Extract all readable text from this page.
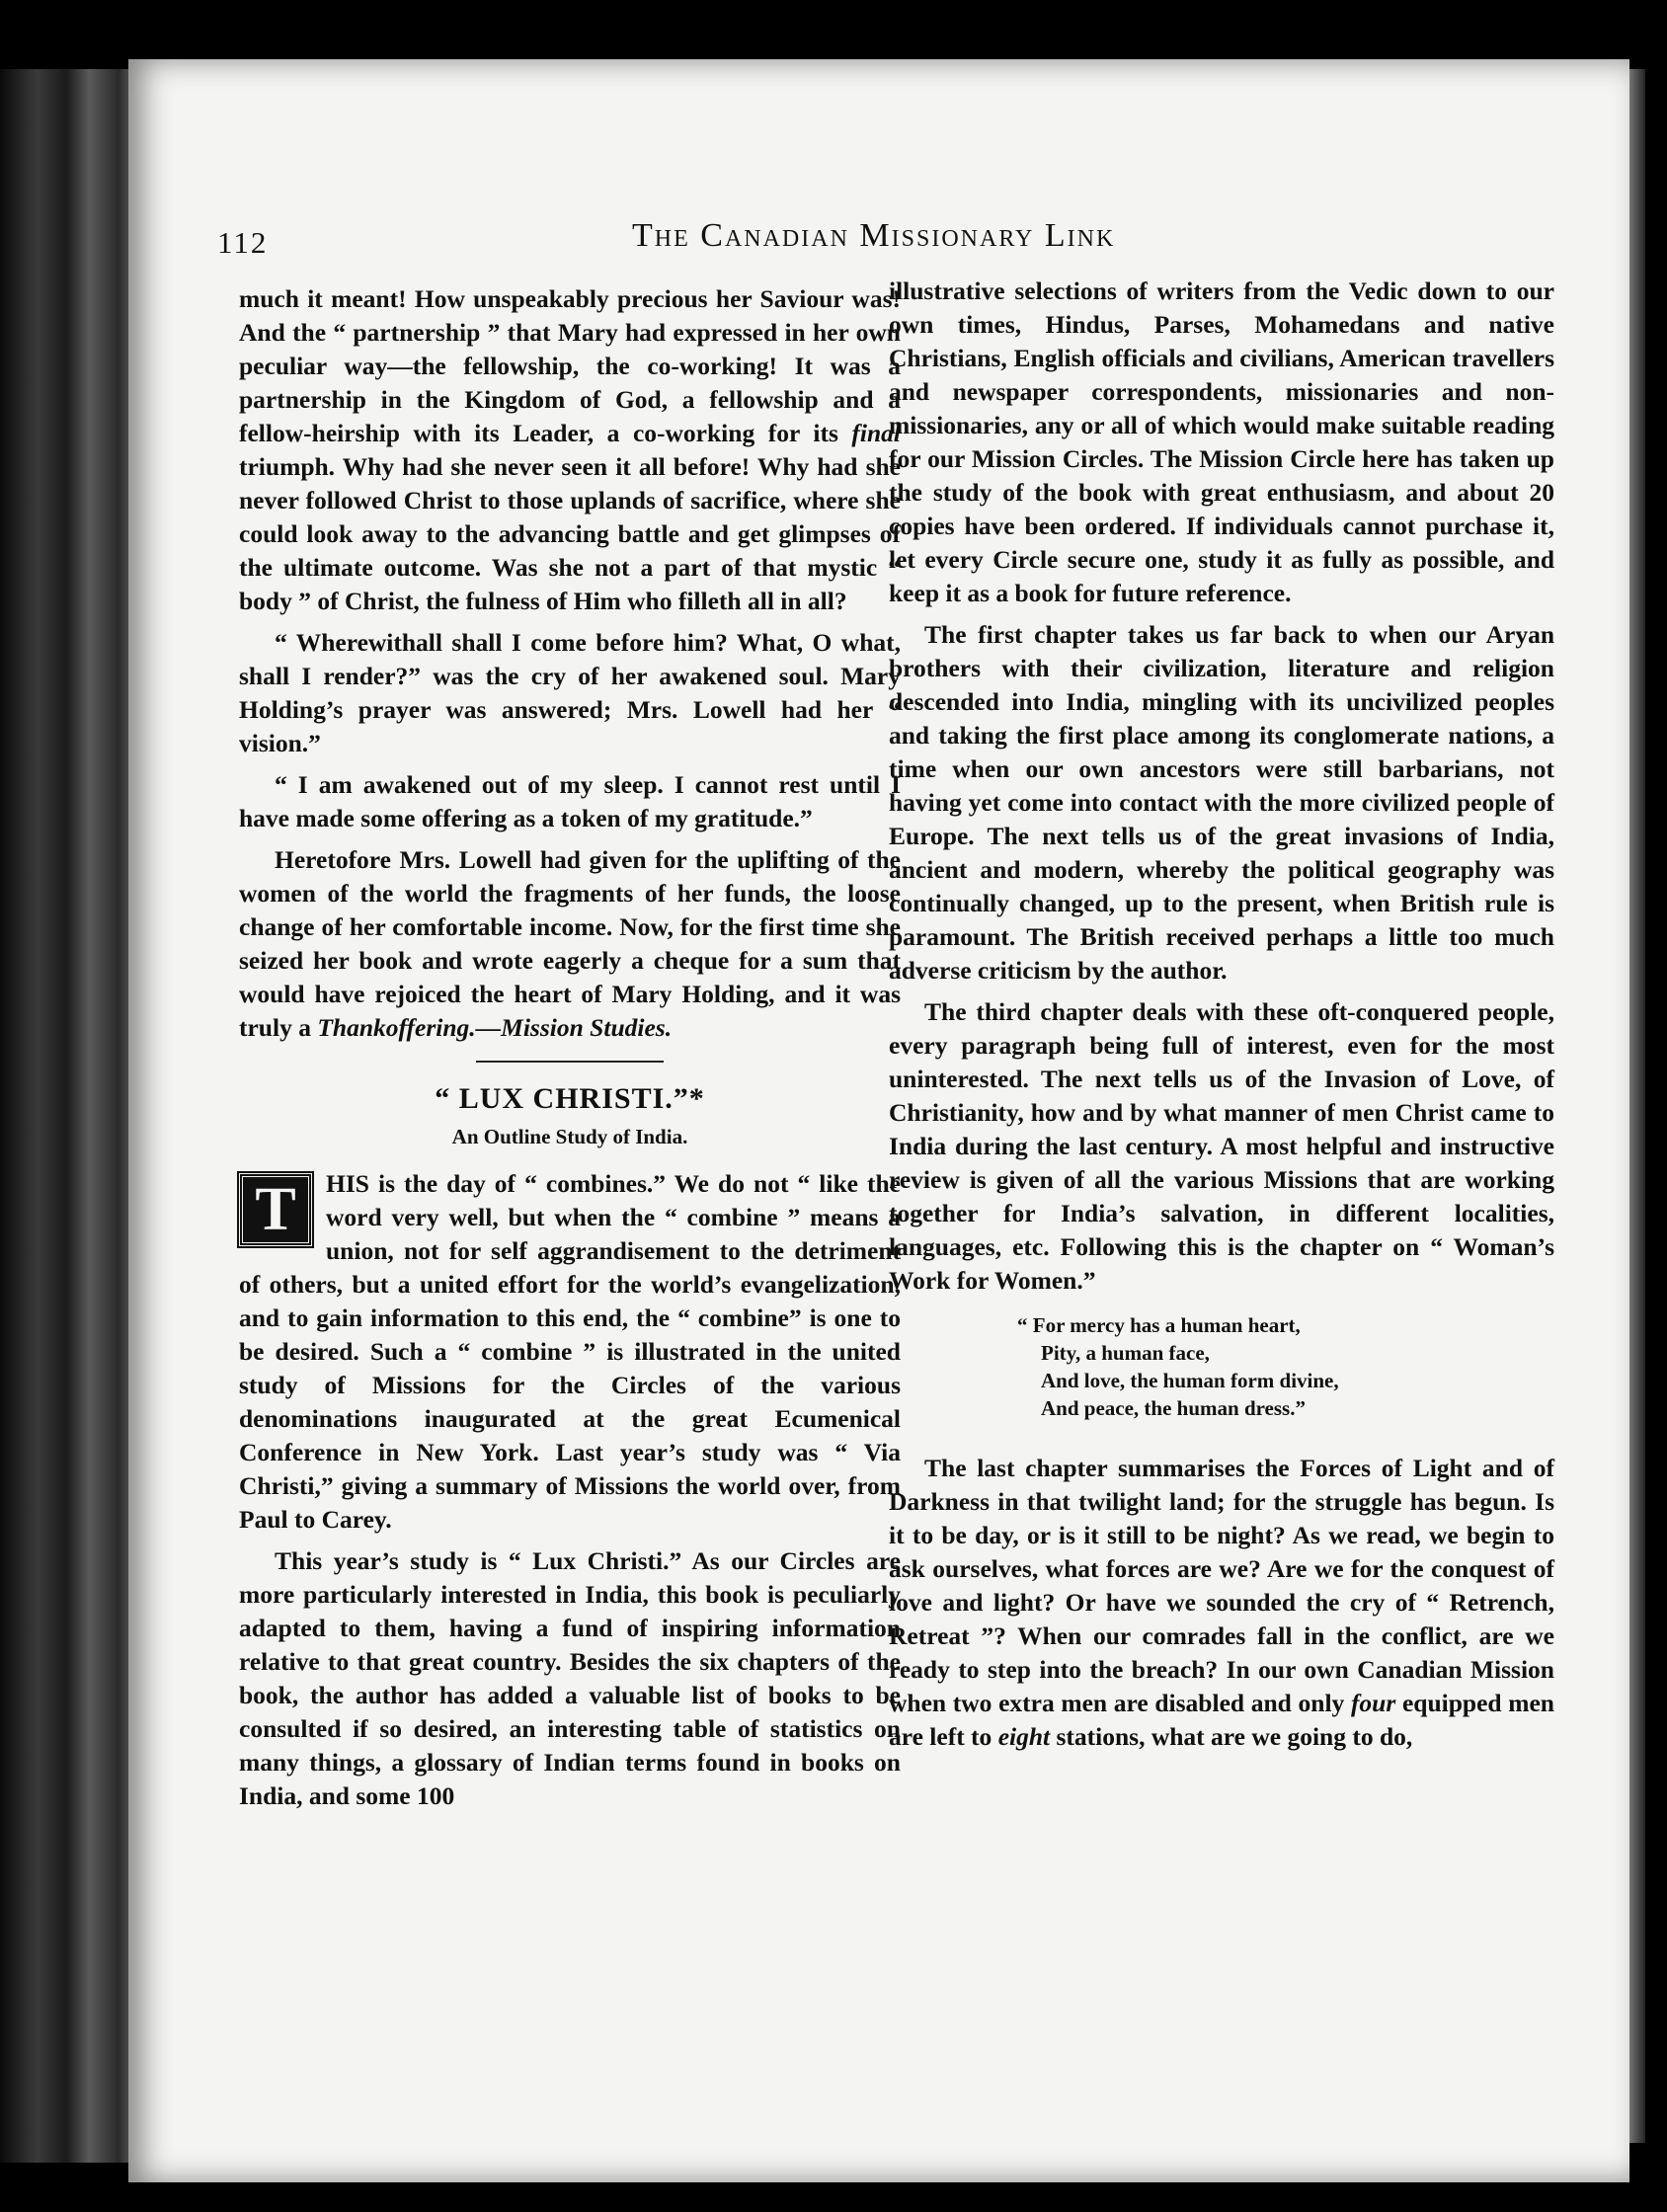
112	The Canadian Missionary Link

much it meant! How unspeakably precious her Saviour was! And the “ partnership ” that Mary had expressed in her own peculiar way—the fellowship, the co-working! It was a partnership in the Kingdom of God, a fellowship and a fellow-heirship with its Leader, a co-working for its final triumph. Why had she never seen it all before! Why had she never followed Christ to those uplands of sacrifice, where she could look away to the advancing battle and get glimpses of the ultimate outcome. Was she not a part of that mystic “ body ” of Christ, the fulness of Him who filleth all in all?

“ Wherewithall shall I come before him? What, O what, shall I render?” was the cry of her awakened soul. Mary Holding’s prayer was answered; Mrs. Lowell had her “ vision.”

“ I am awakened out of my sleep. I cannot rest until I have made some offering as a token of my gratitude.”

Heretofore Mrs. Lowell had given for the uplifting of the women of the world the fragments of her funds, the loose change of her comfortable income. Now, for the first time she seized her book and wrote eagerly a cheque for a sum that would have rejoiced the heart of Mary Holding, and it was truly a Thankoffering.—Mission Studies.

“ LUX CHRISTI.”*
An Outline Study of India.

T	HIS is the day of “ combines.” We do not “ like the word very well, but when the “ combine ” means a union, not for self aggrandisement to the detriment of others, but a united effort for the world’s evangelization, and to gain information to this end, the “ combine” is one to be desired. Such a “ combine ” is illustrated in the united study of Missions for the Circles of the various denominations inaugurated at the great Ecumenical Conference in New York. Last year’s study was “ Via Christi,” giving a summary of Missions the world over, from Paul to Carey.

This year’s study is “ Lux Christi.” As our Circles are more particularly interested in India, this book is peculiarly adapted to them, having a fund of inspiring information relative to that great country. Besides the six chapters of the book, the author has added a valuable list of books to be consulted if so desired, an interesting table of statistics on many things, a glossary of Indian terms found in books on India, and some 100

illustrative selections of writers from the Vedic down to our own times, Hindus, Parses, Mohamedans and native Christians, English officials and civilians, American travellers and newspaper correspondents, missionaries and non-missionaries, any or all of which would make suitable reading for our Mission Circles. The Mission Circle here has taken up the study of the book with great enthusiasm, and about 20 copies have been ordered. If individuals cannot purchase it, let every Circle secure one, study it as fully as possible, and keep it as a book for future reference.

The first chapter takes us far back to when our Aryan brothers with their civilization, literature and religion descended into India, mingling with its uncivilized peoples and taking the first place among its conglomerate nations, a time when our own ancestors were still barbarians, not having yet come into contact with the more civilized people of Europe. The next tells us of the great invasions of India, ancient and modern, whereby the political geography was continually changed, up to the present, when British rule is paramount. The British received perhaps a little too much adverse criticism by the author.

The third chapter deals with these oft-conquered people, every paragraph being full of interest, even for the most uninterested. The next tells us of the Invasion of Love, of Christianity, how and by what manner of men Christ came to India during the last century. A most helpful and instructive review is given of all the various Missions that are working together for India’s salvation, in different localities, languages, etc. Following this is the chapter on “ Woman’s Work for Women.”

“ For mercy has a human heart,
Pity, a human face,
And love, the human form divine,
And peace, the human dress.”

The last chapter summarises the Forces of Light and of Darkness in that twilight land; for the struggle has begun. Is it to be day, or is it still to be night? As we read, we begin to ask ourselves, what forces are we? Are we for the conquest of love and light? Or have we sounded the cry of “ Retrench, Retreat ”? When our comrades fall in the conflict, are we ready to step into the breach? In our own Canadian Mission when two extra men are disabled and only four equipped men are left to eight stations, what are we going to do,
